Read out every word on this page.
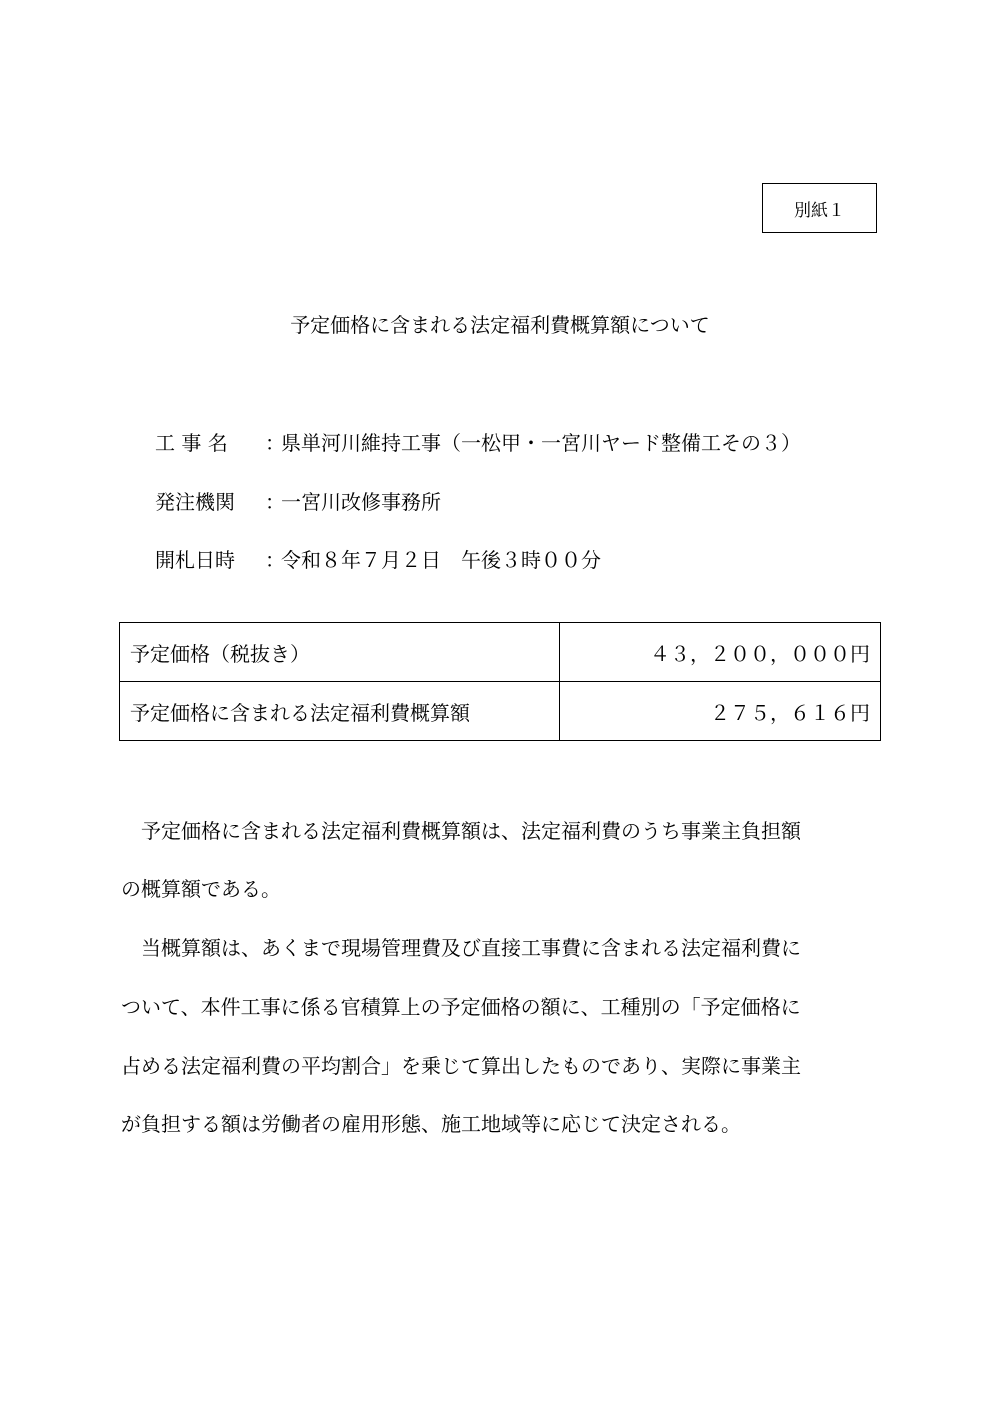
別紙１
予定価格に含まれる法定福利費概算額について
工 事 名 ：県単河川維持工事（一松甲・一宮川ヤード整備工その３）
発注機関 ：一宮川改修事務所
開札日時 ：令和８年７月２日　午後３時００分
予定価格（税抜き）	４３，２００，０００円
予定価格に含まれる法定福利費概算額	２７５，６１６円
　予定価格に含まれる法定福利費概算額は、法定福利費のうち事業主負担額
の概算額である。
　当概算額は、あくまで現場管理費及び直接工事費に含まれる法定福利費に
ついて、本件工事に係る官積算上の予定価格の額に、工種別の「予定価格に
占める法定福利費の平均割合」を乗じて算出したものであり、実際に事業主
が負担する額は労働者の雇用形態、施工地域等に応じて決定される。
